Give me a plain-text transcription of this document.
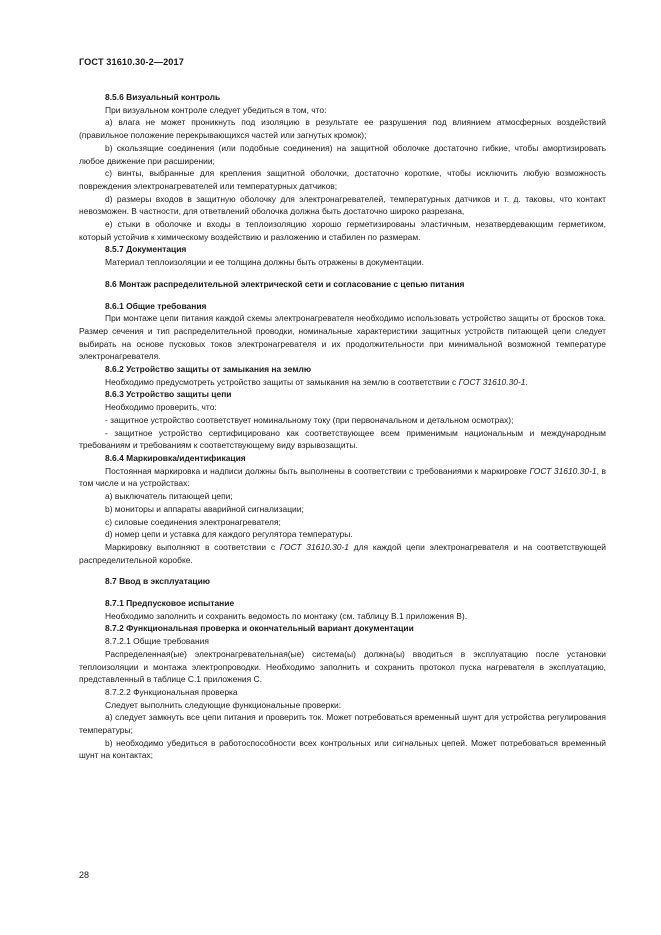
ГОСТ 31610.30-2—2017

8.5.6 Визуальный контроль

При визуальном контроле следует убедиться в том, что:

а) влага не может проникнуть под изоляцию в результате ее разрушения под влиянием атмосферных воздействий (правильное положение перекрывающихся частей или загнутых кромок);

b) скользящие соединения (или подобные соединения) на защитной оболочке достаточно гибкие, чтобы амортизировать любое движение при расширении;

c) винты, выбранные для крепления защитной оболочки, достаточно короткие, чтобы исключить любую возможность повреждения электронагревателей или температурных датчиков;

d) размеры входов в защитную оболочку для электронагревателей, температурных датчиков и т. д. таковы, что контакт невозможен. В частности, для ответвлений оболочка должна быть достаточно широко разрезана,

e) стыки в оболочке и входы в теплоизоляцию хорошо герметизированы эластичным, незатвердевающим герметиком, который устойчив к химическому воздействию и разложению и стабилен по размерам.

8.5.7 Документация

Материал теплоизоляции и ее толщина должны быть отражены в документации.

8.6 Монтаж распределительной электрической сети и согласование с цепью питания

8.6.1 Общие требования

При монтаже цепи питания каждой схемы электронагревателя необходимо использовать устройство защиты от бросков тока. Размер сечения и тип распределительной проводки, номинальные характеристики защитных устройств питающей цепи следует выбирать на основе пусковых токов электронагревателя и их продолжительности при минимальной возможной температуре электронагревателя.

8.6.2 Устройство защиты от замыкания на землю

Необходимо предусмотреть устройство защиты от замыкания на землю в соответствии с ГОСТ 31610.30-1.

8.6.3 Устройство защиты цепи

Необходимо проверить, что:

- защитное устройство соответствует номинальному току (при первоначальном и детальном осмотрах);

- защитное устройство сертифицировано как соответствующее всем применимым национальным и международным требованиям и требованиям к соответствующему виду взрывозащиты.

8.6.4 Маркировка/идентификация

Постоянная маркировка и надписи должны быть выполнены в соответствии с требованиями к маркировке ГОСТ 31610.30-1, в том числе и на устройствах:

а) выключатель питающей цепи;

b) мониторы и аппараты аварийной сигнализации;

c) силовые соединения электронагревателя;

d) номер цепи и уставка для каждого регулятора температуры.

Маркировку выполняют в соответствии с ГОСТ 31610.30-1 для каждой цепи электронагревателя и на соответствующей распределительной коробке.

8.7 Ввод в эксплуатацию

8.7.1 Предпусковое испытание

Необходимо заполнить и сохранить ведомость по монтажу (см. таблицу В.1 приложения В).

8.7.2 Функциональная проверка и окончательный вариант документации

8.7.2.1 Общие требования

Распределенная(ые) электронагревательная(ые) система(ы) должна(ы) вводиться в эксплуатацию после установки теплоизоляции и монтажа электропроводки. Необходимо заполнить и сохранить протокол пуска нагревателя в эксплуатацию, представленный в таблице С.1 приложения С.

8.7.2.2 Функциональная проверка

Следует выполнить следующие функциональные проверки:

а) следует замкнуть все цепи питания и проверить ток. Может потребоваться временный шунт для устройства регулирования температуры;

b) необходимо убедиться в работоспособности всех контрольных или сигнальных цепей. Может потребоваться временный шунт на контактах;

28
